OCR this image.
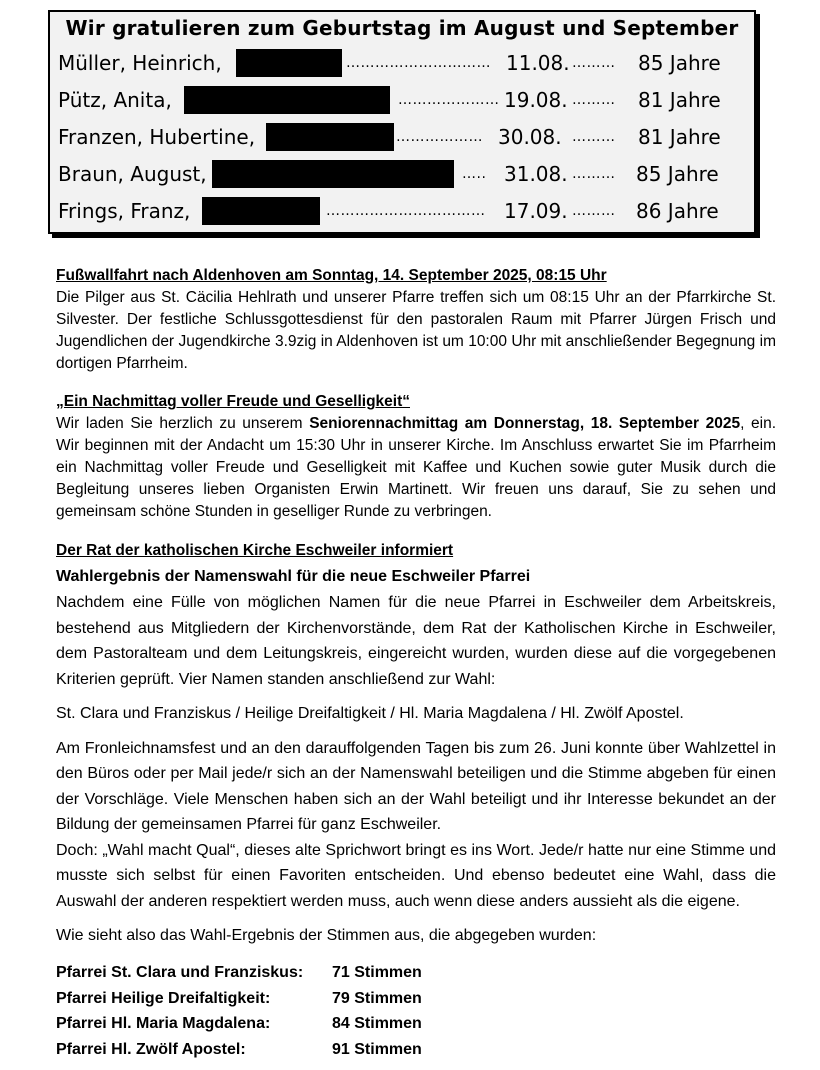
Wir gratulieren zum Geburtstag im August und September
Müller, Heinrich,	………………………… 11.08. ……… 85 Jahre
Pütz, Anita,	………………… 19.08. ……… 81 Jahre
Franzen, Hubertine,	……………… 30.08. ……… 81 Jahre
Braun, August,	….. 31.08. ……… 85 Jahre
Frings, Franz,	…………………………… 17.09. ……… 86 Jahre
Fußwallfahrt nach Aldenhoven am Sonntag, 14. September 2025, 08:15 Uhr

Die Pilger aus St. Cäcilia Hehlrath und unserer Pfarre treffen sich um 08:15 Uhr an der Pfarrkirche St. Silvester. Der festliche Schlussgottesdienst für den pastoralen Raum mit Pfarrer Jürgen Frisch und Jugendlichen der Jugendkirche 3.9zig in Aldenhoven ist um 10:00 Uhr mit anschließender Begegnung im dortigen Pfarrheim.

„Ein Nachmittag voller Freude und Geselligkeit“

Wir laden Sie herzlich zu unserem Seniorennachmittag am Donnerstag, 18. September 2025, ein. Wir beginnen mit der Andacht um 15:30 Uhr in unserer Kirche. Im Anschluss erwartet Sie im Pfarrheim ein Nachmittag voller Freude und Geselligkeit mit Kaffee und Kuchen sowie guter Musik durch die Begleitung unseres lieben Organisten Erwin Martinett. Wir freuen uns darauf, Sie zu sehen und gemeinsam schöne Stunden in geselliger Runde zu verbringen.

Der Rat der katholischen Kirche Eschweiler informiert
Wahlergebnis der Namenswahl für die neue Eschweiler Pfarrei

Nachdem eine Fülle von möglichen Namen für die neue Pfarrei in Eschweiler dem Arbeitskreis, bestehend aus Mitgliedern der Kirchenvorstände, dem Rat der Katholischen Kirche in Eschweiler, dem Pastoralteam und dem Leitungskreis, eingereicht wurden, wurden diese auf die vorgegebenen Kriterien geprüft. Vier Namen standen anschließend zur Wahl:

St. Clara und Franziskus / Heilige Dreifaltigkeit / Hl. Maria Magdalena / Hl. Zwölf Apostel.

Am Fronleichnamsfest und an den darauffolgenden Tagen bis zum 26. Juni konnte über Wahlzettel in den Büros oder per Mail jede/r sich an der Namenswahl beteiligen und die Stimme abgeben für einen der Vorschläge. Viele Menschen haben sich an der Wahl beteiligt und ihr Interesse bekundet an der Bildung der gemeinsamen Pfarrei für ganz Eschweiler.

Doch: „Wahl macht Qual“, dieses alte Sprichwort bringt es ins Wort. Jede/r hatte nur eine Stimme und musste sich selbst für einen Favoriten entscheiden. Und ebenso bedeutet eine Wahl, dass die Auswahl der anderen respektiert werden muss, auch wenn diese anders aussieht als die eigene.

Wie sieht also das Wahl-Ergebnis der Stimmen aus, die abgegeben wurden:

Pfarrei St. Clara und Franziskus: 71 Stimmen
Pfarrei Heilige Dreifaltigkeit:	79 Stimmen
Pfarrei Hl. Maria Magdalena:	84 Stimmen
Pfarrei Hl. Zwölf Apostel:	91 Stimmen
